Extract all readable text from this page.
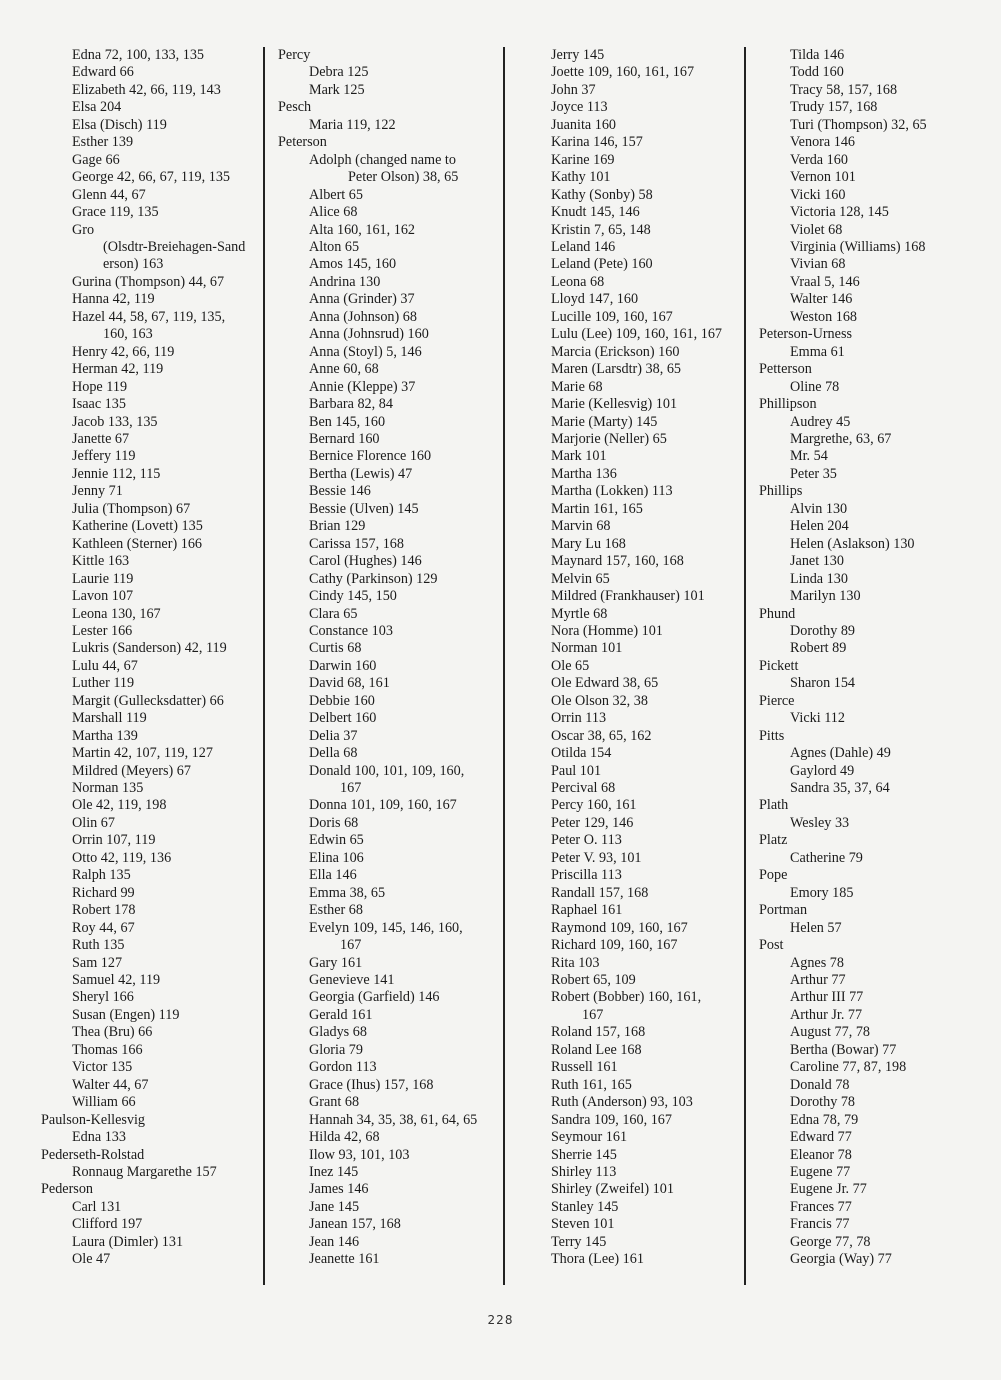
Edna 72, 100, 133, 135
Edward 66
Elizabeth 42, 66, 119, 143
Elsa 204
Elsa (Disch) 119
Esther 139
Gage 66
George 42, 66, 67, 119, 135
Glenn 44, 67
Grace 119, 135
Gro
(Olsdtr-Breiehagen-Sand
erson) 163
Gurina (Thompson) 44, 67
Hanna 42, 119
Hazel 44, 58, 67, 119, 135,
160, 163
Henry 42, 66, 119
Herman 42, 119
Hope 119
Isaac 135
Jacob 133, 135
Janette 67
Jeffery 119
Jennie 112, 115
Jenny 71
Julia (Thompson) 67
Katherine (Lovett) 135
Kathleen (Sterner) 166
Kittle 163
Laurie 119
Lavon 107
Leona 130, 167
Lester 166
Lukris (Sanderson) 42, 119
Lulu 44, 67
Luther 119
Margit (Gullecksdatter) 66
Marshall 119
Martha 139
Martin 42, 107, 119, 127
Mildred (Meyers) 67
Norman 135
Ole 42, 119, 198
Olin 67
Orrin 107, 119
Otto 42, 119, 136
Ralph 135
Richard 99
Robert 178
Roy 44, 67
Ruth 135
Sam 127
Samuel 42, 119
Sheryl 166
Susan (Engen) 119
Thea (Bru) 66
Thomas 166
Victor 135
Walter 44, 67
William 66
Paulson-Kellesvig
Edna 133
Pederseth-Rolstad
Ronnaug Margarethe 157
Pederson
Carl 131
Clifford 197
Laura (Dimler) 131
Ole 47
Percy
Debra 125
Mark 125
Pesch
Maria 119, 122
Peterson
Adolph (changed name to
Peter Olson) 38, 65
Albert 65
Alice 68
Alta 160, 161, 162
Alton 65
Amos 145, 160
Andrina 130
Anna (Grinder) 37
Anna (Johnson) 68
Anna (Johnsrud) 160
Anna (Stoyl) 5, 146
Anne 60, 68
Annie (Kleppe) 37
Barbara 82, 84
Ben 145, 160
Bernard 160
Bernice Florence 160
Bertha (Lewis) 47
Bessie 146
Bessie (Ulven) 145
Brian 129
Carissa 157, 168
Carol (Hughes) 146
Cathy (Parkinson) 129
Cindy 145, 150
Clara 65
Constance 103
Curtis 68
Darwin 160
David 68, 161
Debbie 160
Delbert 160
Delia 37
Della 68
Donald 100, 101, 109, 160,
167
Donna 101, 109, 160, 167
Doris 68
Edwin 65
Elina 106
Ella 146
Emma 38, 65
Esther 68
Evelyn 109, 145, 146, 160,
167
Gary 161
Genevieve 141
Georgia (Garfield) 146
Gerald 161
Gladys 68
Gloria 79
Gordon 113
Grace (Ihus) 157, 168
Grant 68
Hannah 34, 35, 38, 61, 64, 65
Hilda 42, 68
Ilow 93, 101, 103
Inez 145
James 146
Jane 145
Janean 157, 168
Jean 146
Jeanette 161
Jerry 145
Joette 109, 160, 161, 167
John 37
Joyce 113
Juanita 160
Karina 146, 157
Karine 169
Kathy 101
Kathy (Sonby) 58
Knudt 145, 146
Kristin 7, 65, 148
Leland 146
Leland (Pete) 160
Leona 68
Lloyd 147, 160
Lucille 109, 160, 167
Lulu (Lee) 109, 160, 161, 167
Marcia (Erickson) 160
Maren (Larsdtr) 38, 65
Marie 68
Marie (Kellesvig) 101
Marie (Marty) 145
Marjorie (Neller) 65
Mark 101
Martha 136
Martha (Lokken) 113
Martin 161, 165
Marvin 68
Mary Lu 168
Maynard 157, 160, 168
Melvin 65
Mildred (Frankhauser) 101
Myrtle 68
Nora (Homme) 101
Norman 101
Ole 65
Ole Edward 38, 65
Ole Olson 32, 38
Orrin 113
Oscar 38, 65, 162
Otilda 154
Paul 101
Percival 68
Percy 160, 161
Peter 129, 146
Peter O. 113
Peter V. 93, 101
Priscilla 113
Randall 157, 168
Raphael 161
Raymond 109, 160, 167
Richard 109, 160, 167
Rita 103
Robert 65, 109
Robert (Bobber) 160, 161,
167
Roland 157, 168
Roland Lee 168
Russell 161
Ruth 161, 165
Ruth (Anderson) 93, 103
Sandra 109, 160, 167
Seymour 161
Sherrie 145
Shirley 113
Shirley (Zweifel) 101
Stanley 145
Steven 101
Terry 145
Thora (Lee) 161
Tilda 146
Todd 160
Tracy 58, 157, 168
Trudy 157, 168
Turi (Thompson) 32, 65
Venora 146
Verda 160
Vernon 101
Vicki 160
Victoria 128, 145
Violet 68
Virginia (Williams) 168
Vivian 68
Vraal 5, 146
Walter 146
Weston 168
Peterson-Urness
Emma 61
Petterson
Oline 78
Phillipson
Audrey 45
Margrethe, 63, 67
Mr. 54
Peter 35
Phillips
Alvin 130
Helen 204
Helen (Aslakson) 130
Janet 130
Linda 130
Marilyn 130
Phund
Dorothy 89
Robert 89
Pickett
Sharon 154
Pierce
Vicki 112
Pitts
Agnes (Dahle) 49
Gaylord 49
Sandra 35, 37, 64
Plath
Wesley 33
Platz
Catherine 79
Pope
Emory 185
Portman
Helen 57
Post
Agnes 78
Arthur 77
Arthur III 77
Arthur Jr. 77
August 77, 78
Bertha (Bowar) 77
Caroline 77, 87, 198
Donald 78
Dorothy 78
Edna 78, 79
Edward 77
Eleanor 78
Eugene 77
Eugene Jr. 77
Frances 77
Francis 77
George 77, 78
Georgia (Way) 77
228
